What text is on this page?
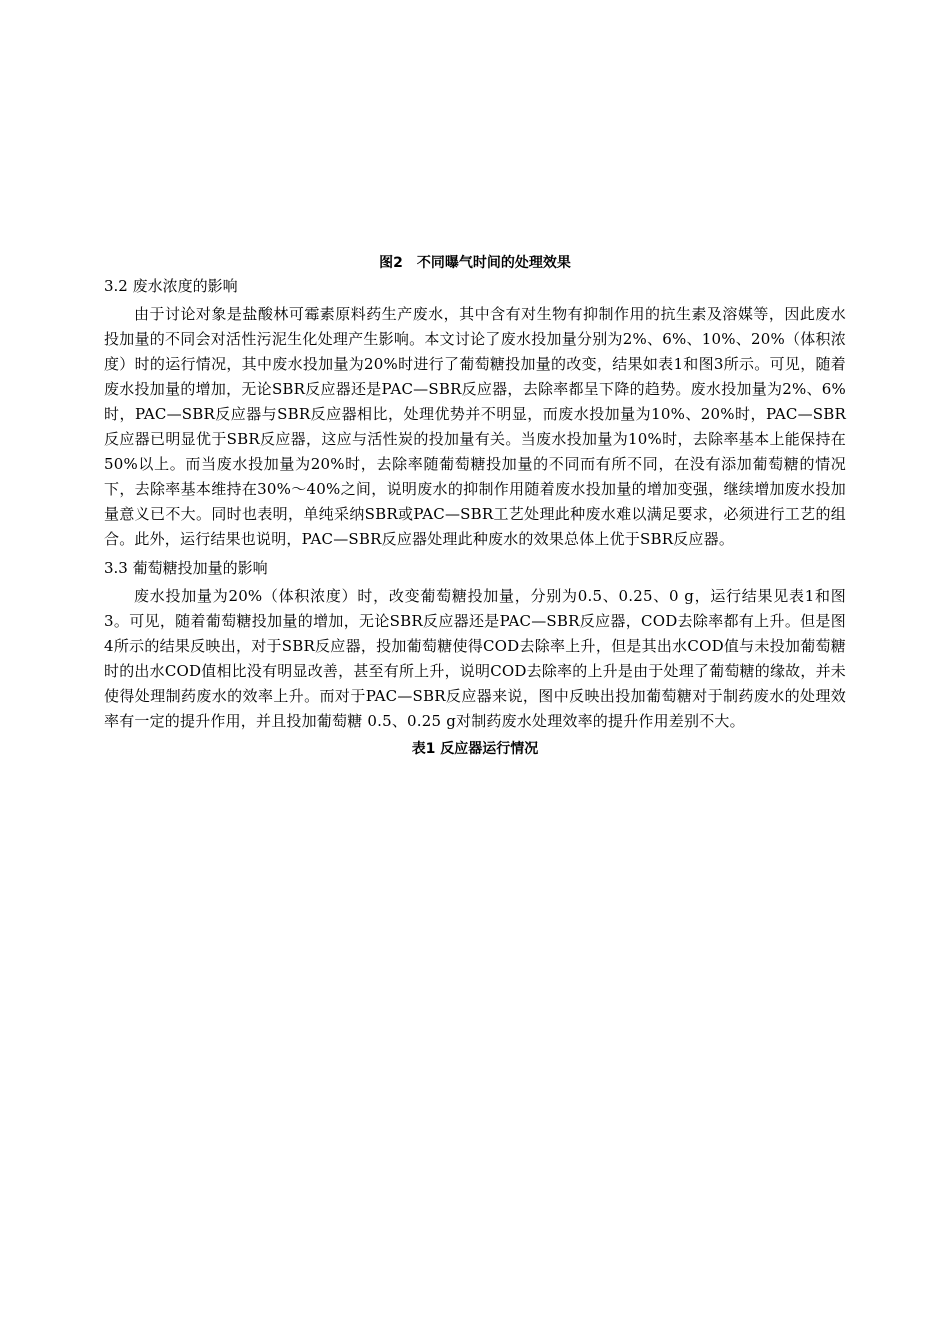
图2　不同曝气时间的处理效果
3.2 废水浓度的影响

由于讨论对象是盐酸林可霉素原料药生产废水，其中含有对生物有抑制作用的抗生素及溶媒等，因此废水投加量的不同会对活性污泥生化处理产生影响。本文讨论了废水投加量分别为2%、6%、10%、20%（体积浓度）时的运行情况，其中废水投加量为20%时进行了葡萄糖投加量的改变，结果如表1和图3所示。可见，随着废水投加量的增加，无论SBR反应器还是PAC—SBR反应器，去除率都呈下降的趋势。废水投加量为2%、6%时，PAC—SBR反应器与SBR反应器相比，处理优势并不明显，而废水投加量为10%、20%时，PAC—SBR反应器已明显优于SBR反应器，这应与活性炭的投加量有关。当废水投加量为10%时，去除率基本上能保持在50%以上。而当废水投加量为20%时，去除率随葡萄糖投加量的不同而有所不同，在没有添加葡萄糖的情况下，去除率基本维持在30%～40%之间，说明废水的抑制作用随着废水投加量的增加变强，继续增加废水投加量意义已不大。同时也表明，单纯采纳SBR或PAC—SBR工艺处理此种废水难以满足要求，必须进行工艺的组合。此外，运行结果也说明，PAC—SBR反应器处理此种废水的效果总体上优于SBR反应器。

3.3 葡萄糖投加量的影响

废水投加量为20%（体积浓度）时，改变葡萄糖投加量，分别为0.5、0.25、0 g，运行结果见表1和图3。可见，随着葡萄糖投加量的增加，无论SBR反应器还是PAC—SBR反应器，COD去除率都有上升。但是图4所示的结果反映出，对于SBR反应器，投加葡萄糖使得COD去除率上升，但是其出水COD值与未投加葡萄糖时的出水COD值相比没有明显改善，甚至有所上升，说明COD去除率的上升是由于处理了葡萄糖的缘故，并未使得处理制药废水的效率上升。而对于PAC—SBR反应器来说，图中反映出投加葡萄糖对于制药废水的处理效率有一定的提升作用，并且投加葡萄糖 0.5、0.25 g对制药废水处理效率的提升作用差别不大。

表1 反应器运行情况
